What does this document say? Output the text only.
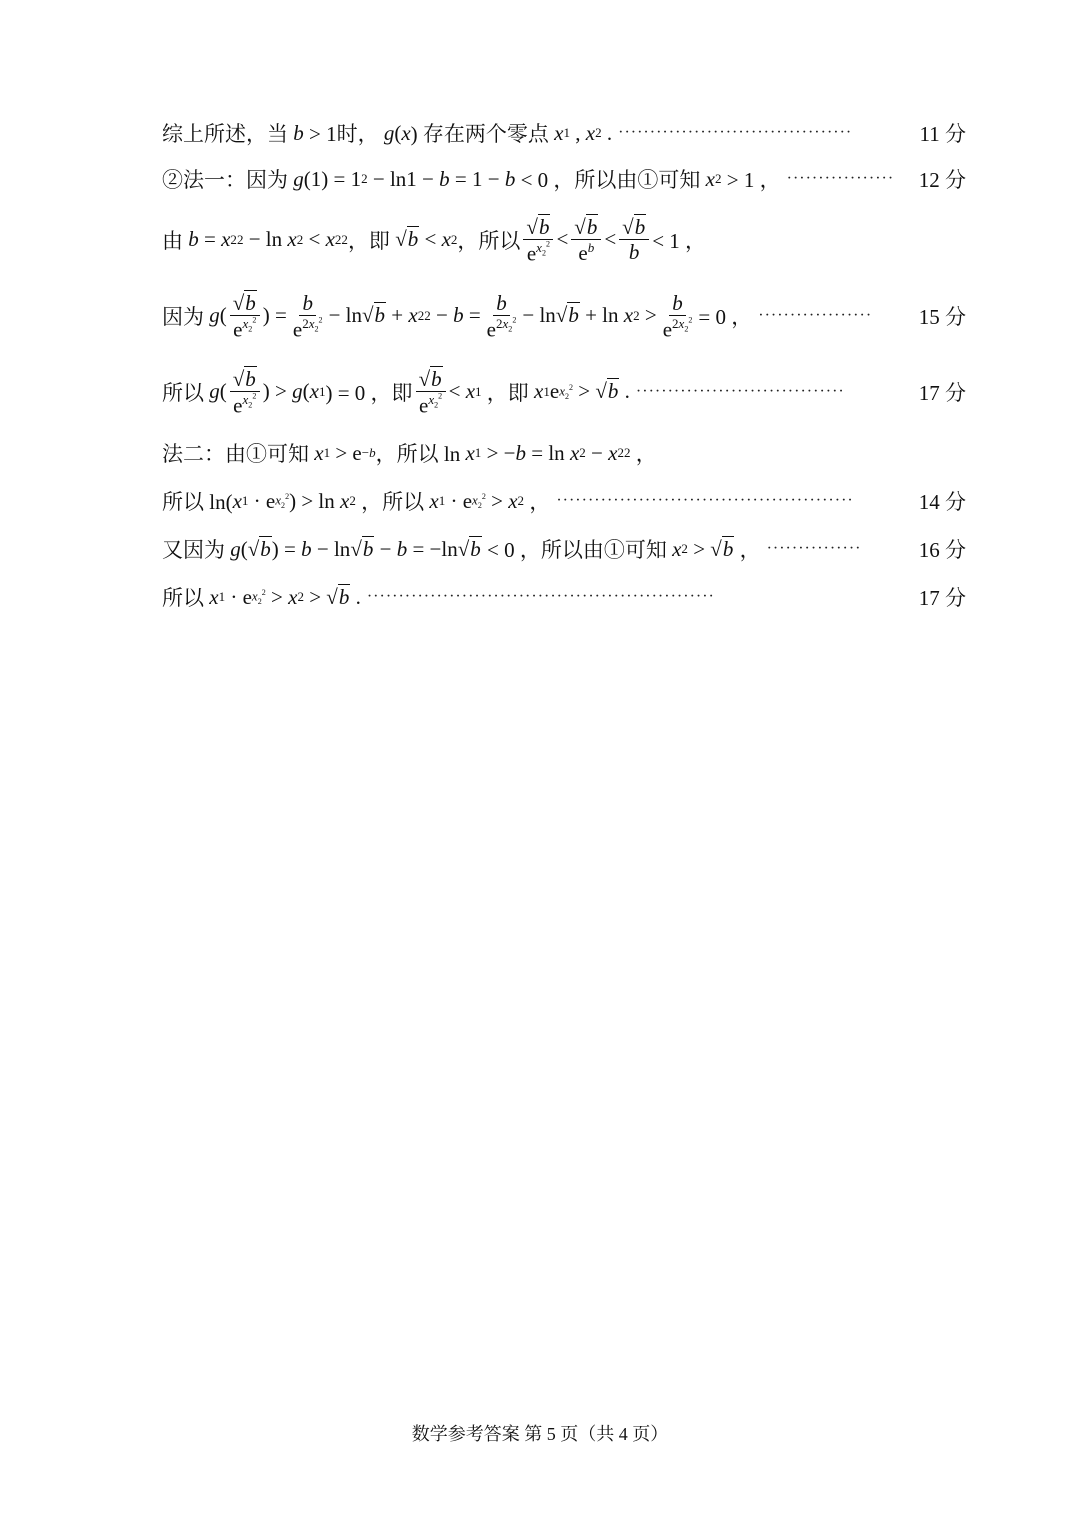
综上所述，当 b > 1时， g ( x ) 存在两个零点 x 1 , x 2 . ·····································	11 分
②法一：因为 g (1) = 1 2 − ln1 − b = 1 − b < 0 ，所以由①可知 x 2 > 1 ， ·················	12 分
由 b = x 2 2 − ln x 2 < x 2 2 ，即 √b < x 2 ，所以 $\frac{√b}{e^{x_2^2}} < \frac{√b}{e^b} < \frac{√b}{b} < 1$ ，
因为 g ( $\frac{√b}{e^{x_2^2}}$ ) = $\frac{b}{e^{2x_2^2}} - \ln √b + x$ 2 $2 - b = \frac{b}{e^{2x_2^2}} - \ln √b + \ln x$ $2 > \frac{b}{e^{2x_2^2}} = 0$ ， ··················	15 分
所以 g ( $\frac{√b}{e^{x_2^2}}$ ) > g ( x 1 ) = 0 ，即 $\frac{√b}{e^{x_2^2}} < x$ 1 ，即 x 1 e $x_2^2 > √b$ . ·································	17 分
法二：由①可知 x 1 > e −b ，所以 ln x 1 > − b = ln x 2 − x 2 2 ，
所以 ln( x 1 · e $x_2^2$ ) > ln x 2 ，所以 x 1 · e $x_2^2 > x$ 2 ， ···············································	14 分
又因为 g ( √b ) = b − ln √b − b = −ln √b < 0 ，所以由①可知 x 2 > √b ， ···············	16 分
所以 x 1 · e $x_2^2 > x$ 2 > √b . ·······················································	17 分
数学参考答案 第 5 页（共 4 页）
